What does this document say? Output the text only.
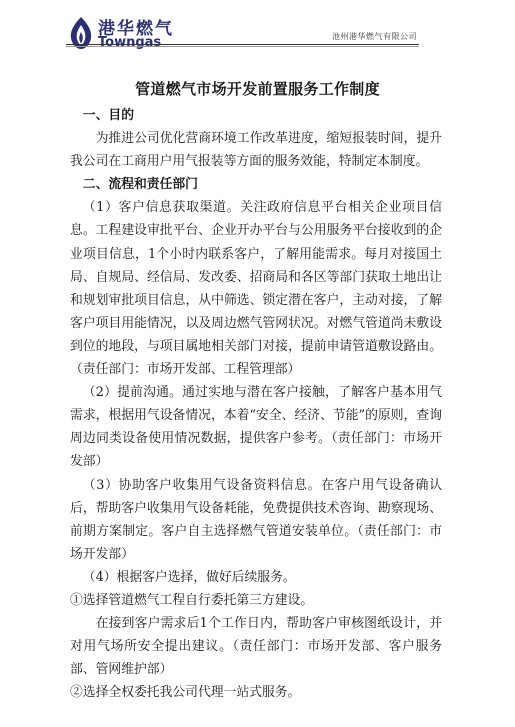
港华燃气
Towngas	池州港华燃气有限公司
管道燃气市场开发前置服务工作制度

一、目的

为推进公司优化营商环境工作改革进度，缩短报装时间，提升我公司在工商用户用气报装等方面的服务效能，特制定本制度。

二、流程和责任部门

（1）客户信息获取渠道。关注政府信息平台相关企业项目信息。工程建设审批平台、企业开办平台与公用服务平台接收到的企业项目信息，1个小时内联系客户，了解用能需求。每月对接国土局、自规局、经信局、发改委、招商局和各区等部门获取土地出让和规划审批项目信息，从中筛选、锁定潜在客户，主动对接，了解客户项目用能情况，以及周边燃气管网状况。对燃气管道尚未敷设到位的地段，与项目属地相关部门对接，提前申请管道敷设路由。（责任部门：市场开发部、工程管理部）

（2）提前沟通。通过实地与潜在客户接触，了解客户基本用气需求，根据用气设备情况，本着“安全、经济、节能”的原则，查询周边同类设备使用情况数据，提供客户参考。（责任部门：市场开发部）

（3）协助客户收集用气设备资料信息。在客户用气设备确认后，帮助客户收集用气设备耗能，免费提供技术咨询、勘察现场、前期方案制定。客户自主选择燃气管道安装单位。（责任部门：市场开发部）

（4）根据客户选择，做好后续服务。

①选择管道燃气工程自行委托第三方建设。

在接到客户需求后1个工作日内，帮助客户审核图纸设计，并对用气场所安全提出建议。（责任部门：市场开发部、客户服务部、管网维护部）

②选择全权委托我公司代理一站式服务。
